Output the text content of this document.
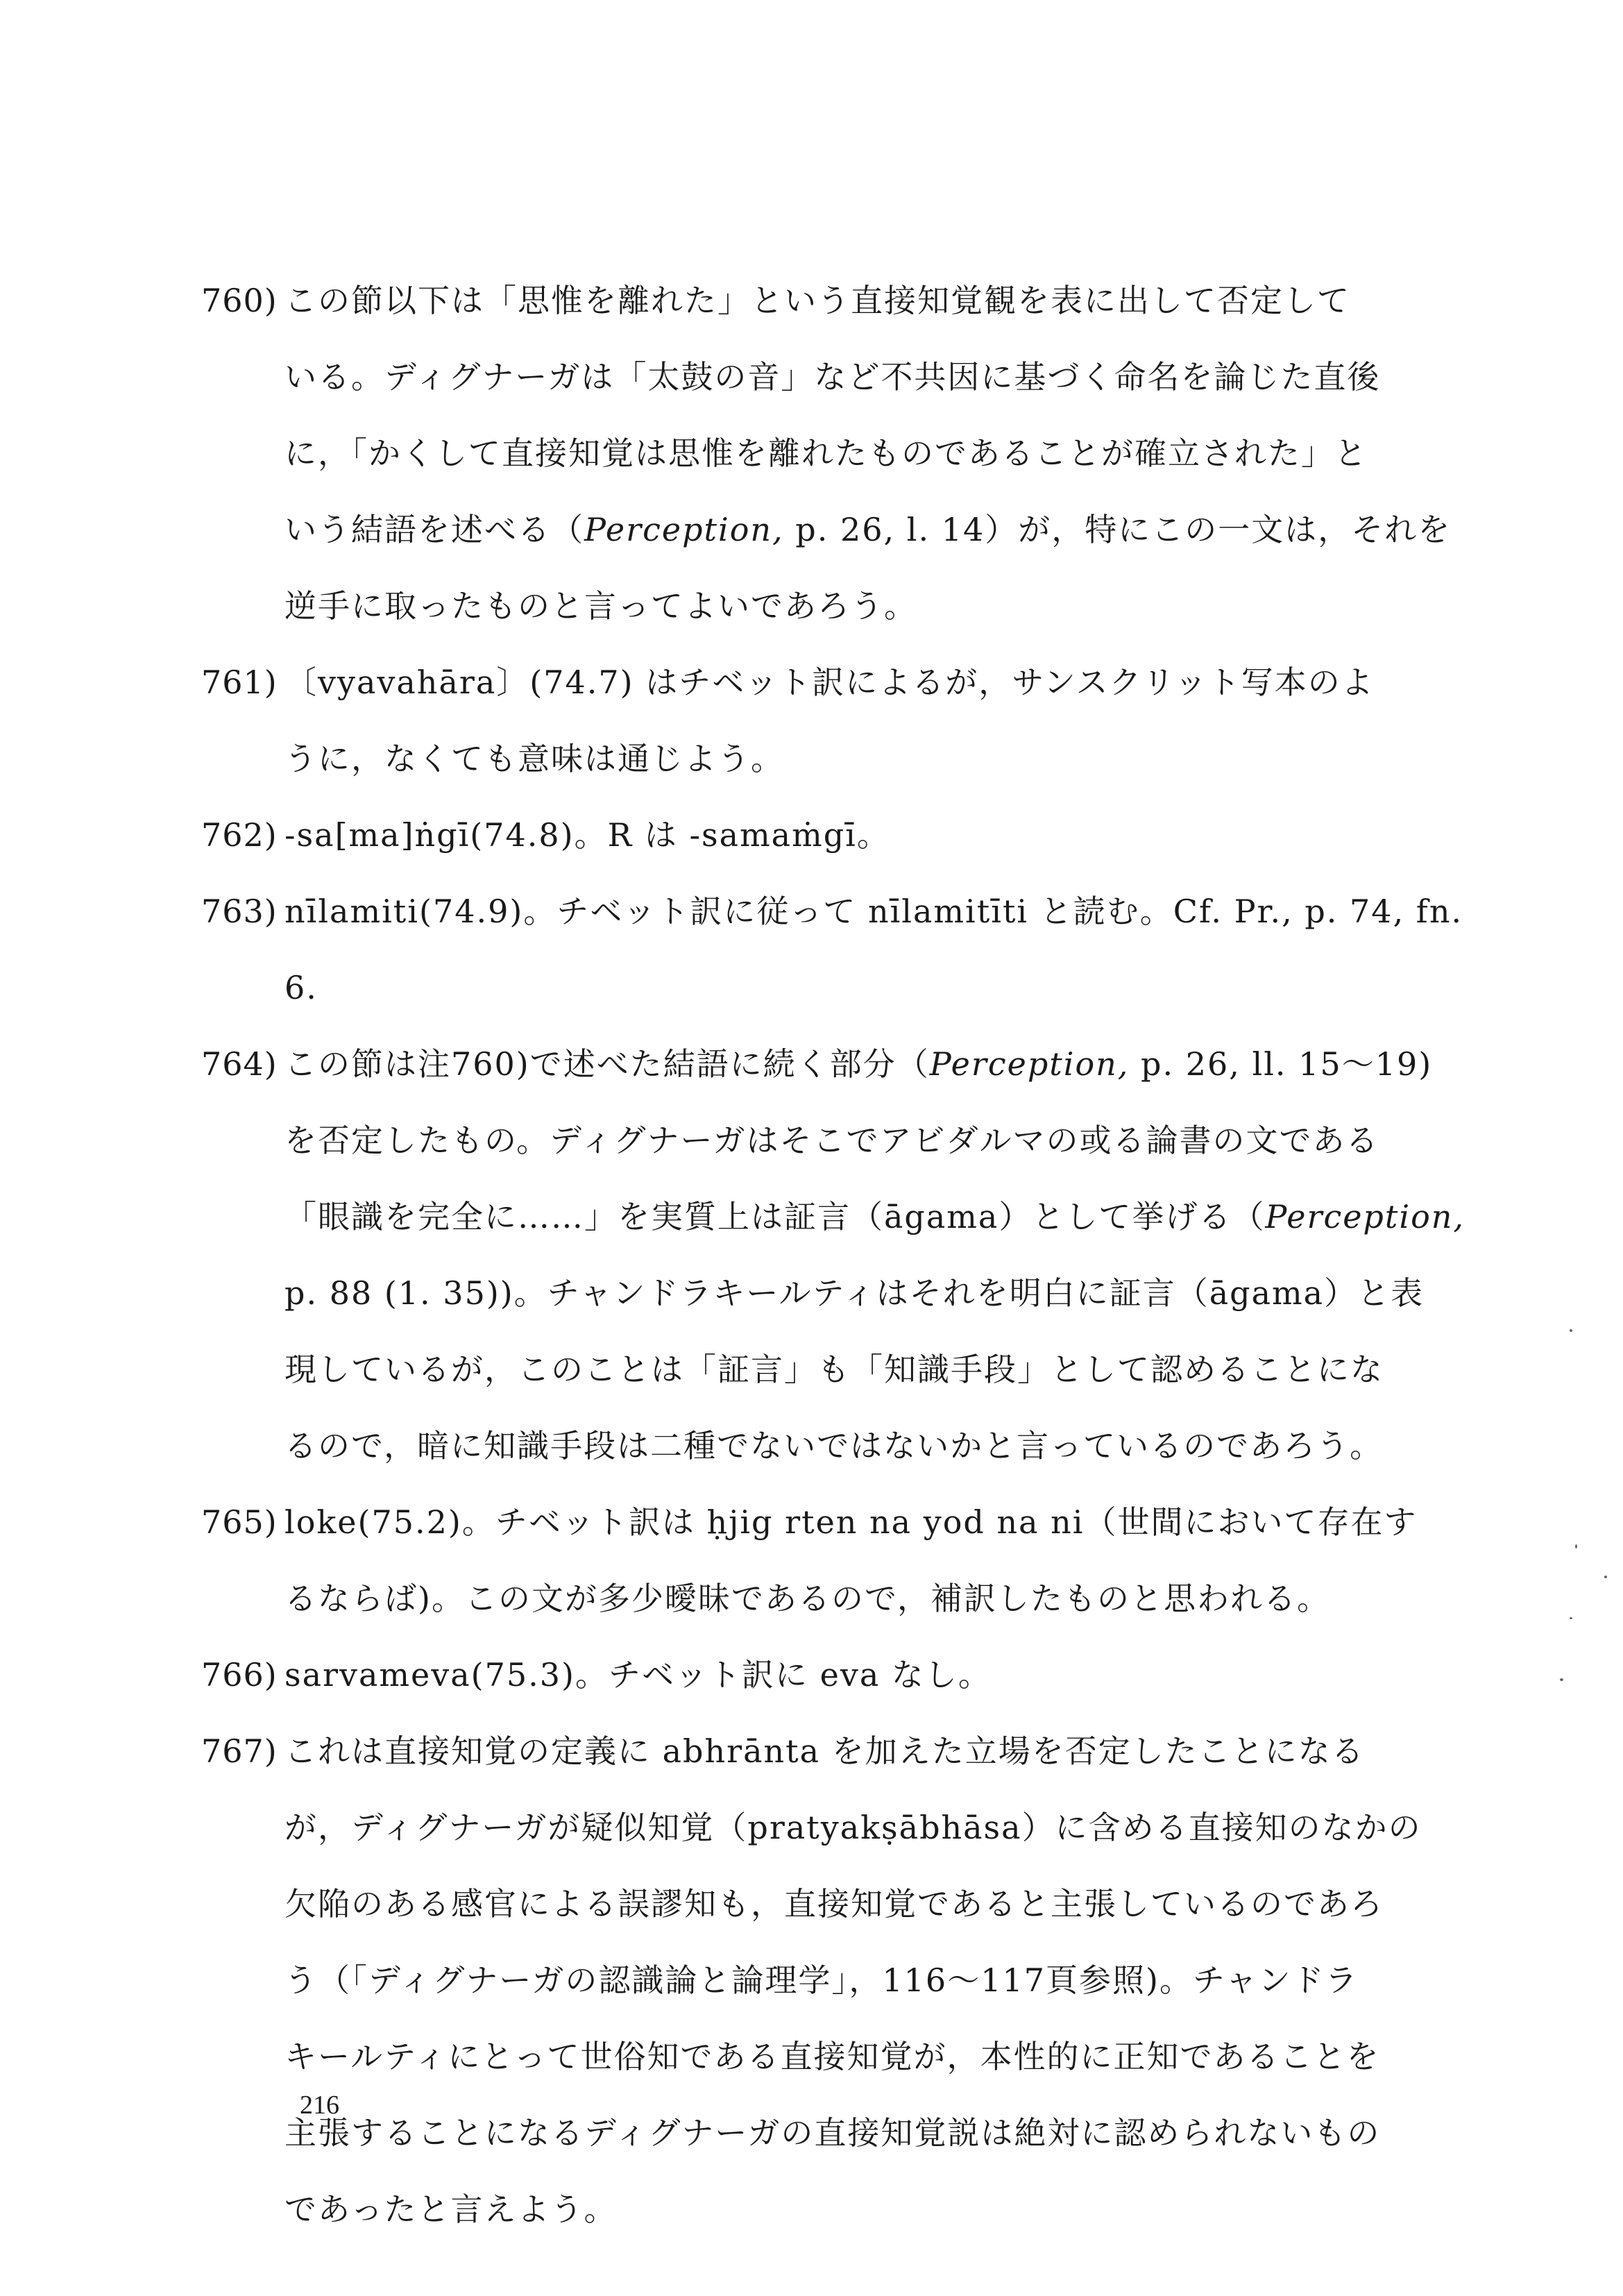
760) この節以下は「思惟を離れた」という直接知覚観を表に出して否定して
いる。ディグナーガは「太鼓の音」など不共因に基づく命名を論じた直後
に，「かくして直接知覚は思惟を離れたものであることが確立された」と
いう結語を述べる（Perception, p. 26, l. 14）が，特にこの一文は，それを
逆手に取ったものと言ってよいであろう。
761) 〔vyavahāra〕(74.7) はチベット訳によるが，サンスクリット写本のよ
うに，なくても意味は通じよう。
762) -sa[ma]ṅgī(74.8)。R は -samaṁgī。
763) nīlamiti(74.9)。チベット訳に従って nīlamitīti と読む。Cf. Pr., p. 74, fn.
6.
764) この節は注760)で述べた結語に続く部分（Perception, p. 26, ll. 15～19)
を否定したもの。ディグナーガはそこでアビダルマの或る論書の文である
「眼識を完全に……」を実質上は証言（āgama）として挙げる（Perception,
p. 88 (1. 35))。チャンドラキールティはそれを明白に証言（āgama）と表
現しているが，このことは「証言」も「知識手段」として認めることにな
るので，暗に知識手段は二種でないではないかと言っているのであろう。
765) loke(75.2)。チベット訳は ḥjig rten na yod na ni（世間において存在す
るならば)。この文が多少曖昧であるので，補訳したものと思われる。
766) sarvameva(75.3)。チベット訳に eva なし。
767) これは直接知覚の定義に abhrānta を加えた立場を否定したことになる
が，ディグナーガが疑似知覚（pratyakṣābhāsa）に含める直接知のなかの
欠陥のある感官による誤謬知も，直接知覚であると主張しているのであろ
う（「ディグナーガの認識論と論理学」，116～117頁参照)。チャンドラ
キールティにとって世俗知である直接知覚が，本性的に正知であることを
主張することになるディグナーガの直接知覚説は絶対に認められないもの
であったと言えよう。
216
